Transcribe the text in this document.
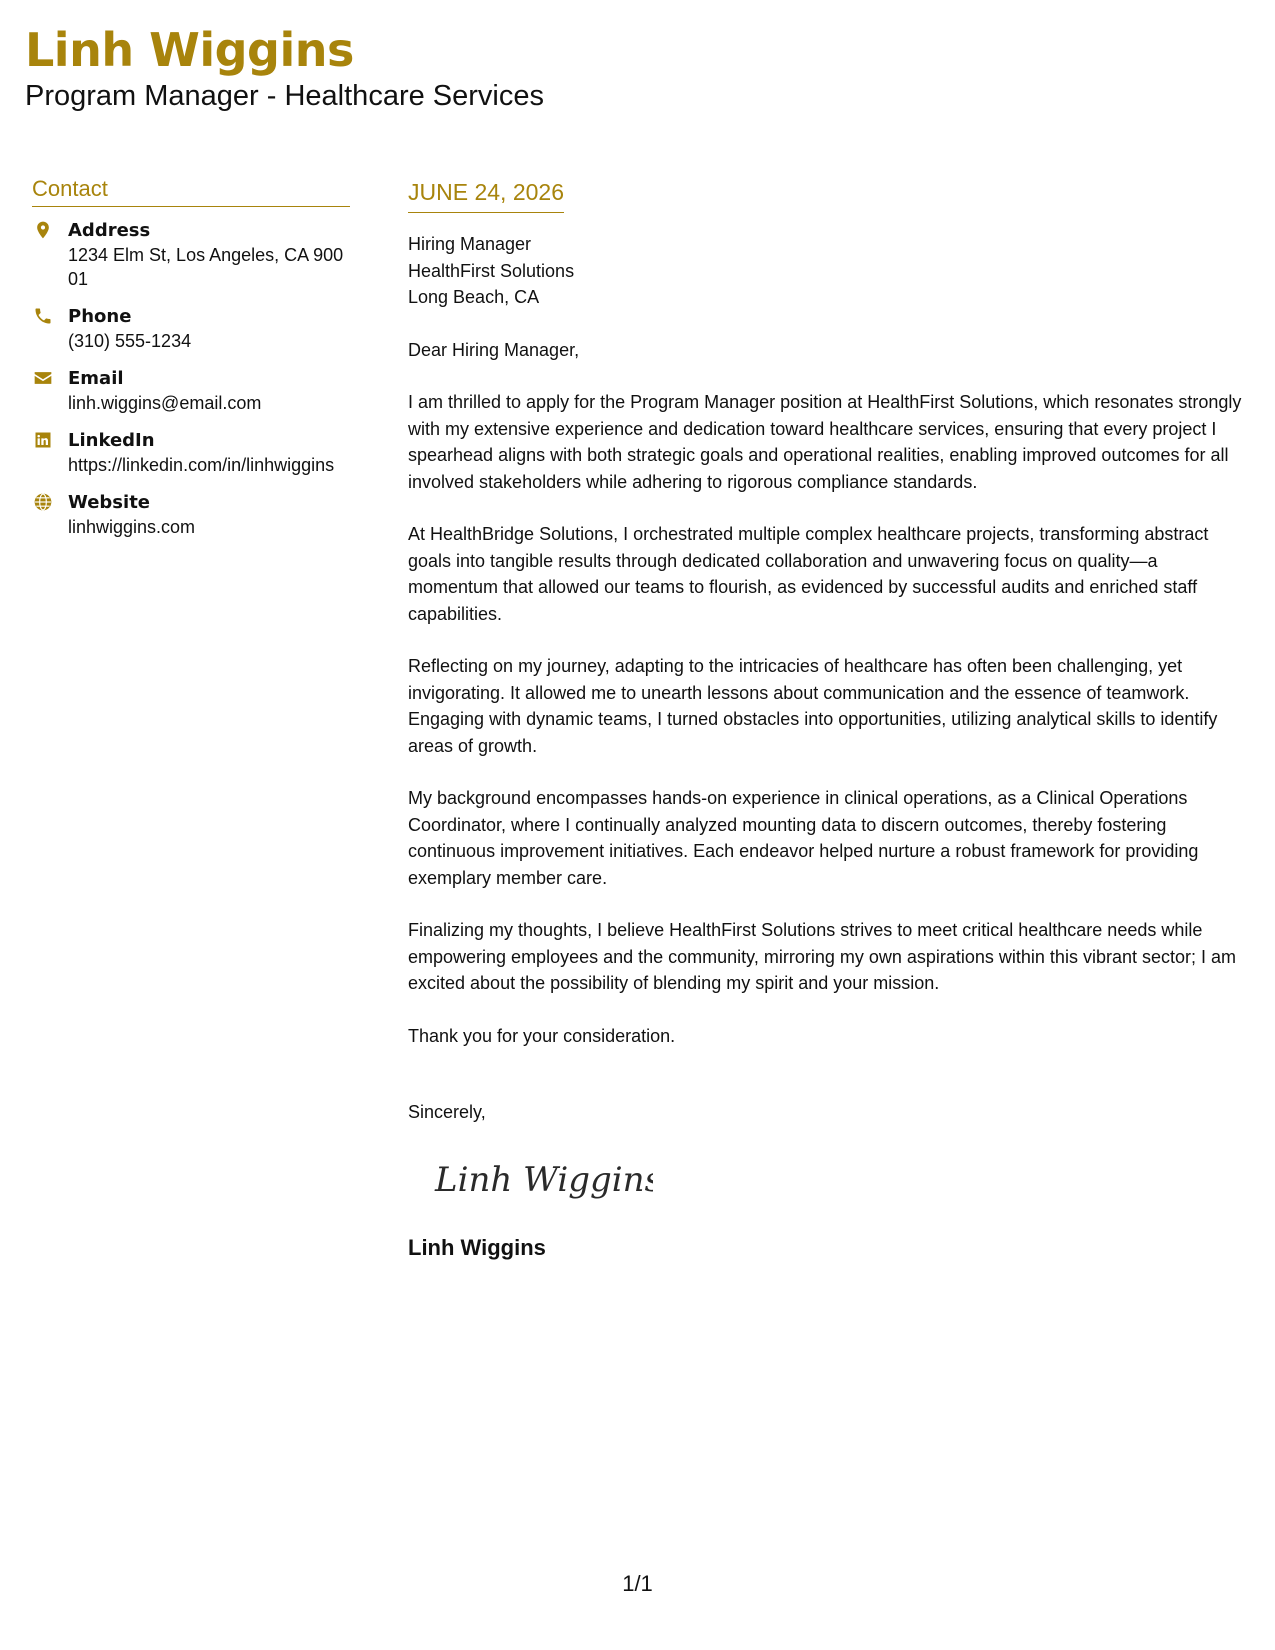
Linh Wiggins

Program Manager - Healthcare Services

Contact
Address
1234 Elm St, Los Angeles, CA 90001
Phone
(310) 555-1234
Email
linh.wiggins@email.com
LinkedIn
https://linkedin.com/in/linhwiggins
Website
linhwiggins.com
JUNE 24, 2026

Hiring Manager

HealthFirst Solutions

Long Beach, CA

Dear Hiring Manager,

I am thrilled to apply for the Program Manager position at HealthFirst Solutions, which resonates strongly with my extensive experience and dedication toward healthcare services, ensuring that every project I spearhead aligns with both strategic goals and operational realities, enabling improved outcomes for all involved stakeholders while adhering to rigorous compliance standards.

At HealthBridge Solutions, I orchestrated multiple complex healthcare projects, transforming abstract goals into tangible results through dedicated collaboration and unwavering focus on quality—a momentum that allowed our teams to flourish, as evidenced by successful audits and enriched staff capabilities.

Reflecting on my journey, adapting to the intricacies of healthcare has often been challenging, yet invigorating. It allowed me to unearth lessons about communication and the essence of teamwork. Engaging with dynamic teams, I turned obstacles into opportunities, utilizing analytical skills to identify areas of growth.

My background encompasses hands-on experience in clinical operations, as a Clinical Operations Coordinator, where I continually analyzed mounting data to discern outcomes, thereby fostering continuous improvement initiatives. Each endeavor helped nurture a robust framework for providing exemplary member care.

Finalizing my thoughts, I believe HealthFirst Solutions strives to meet critical healthcare needs while empowering employees and the community, mirroring my own aspirations within this vibrant sector; I am excited about the possibility of blending my spirit and your mission.

Thank you for your consideration.

Sincerely,
Linh Wiggins
Linh Wiggins
1/1
